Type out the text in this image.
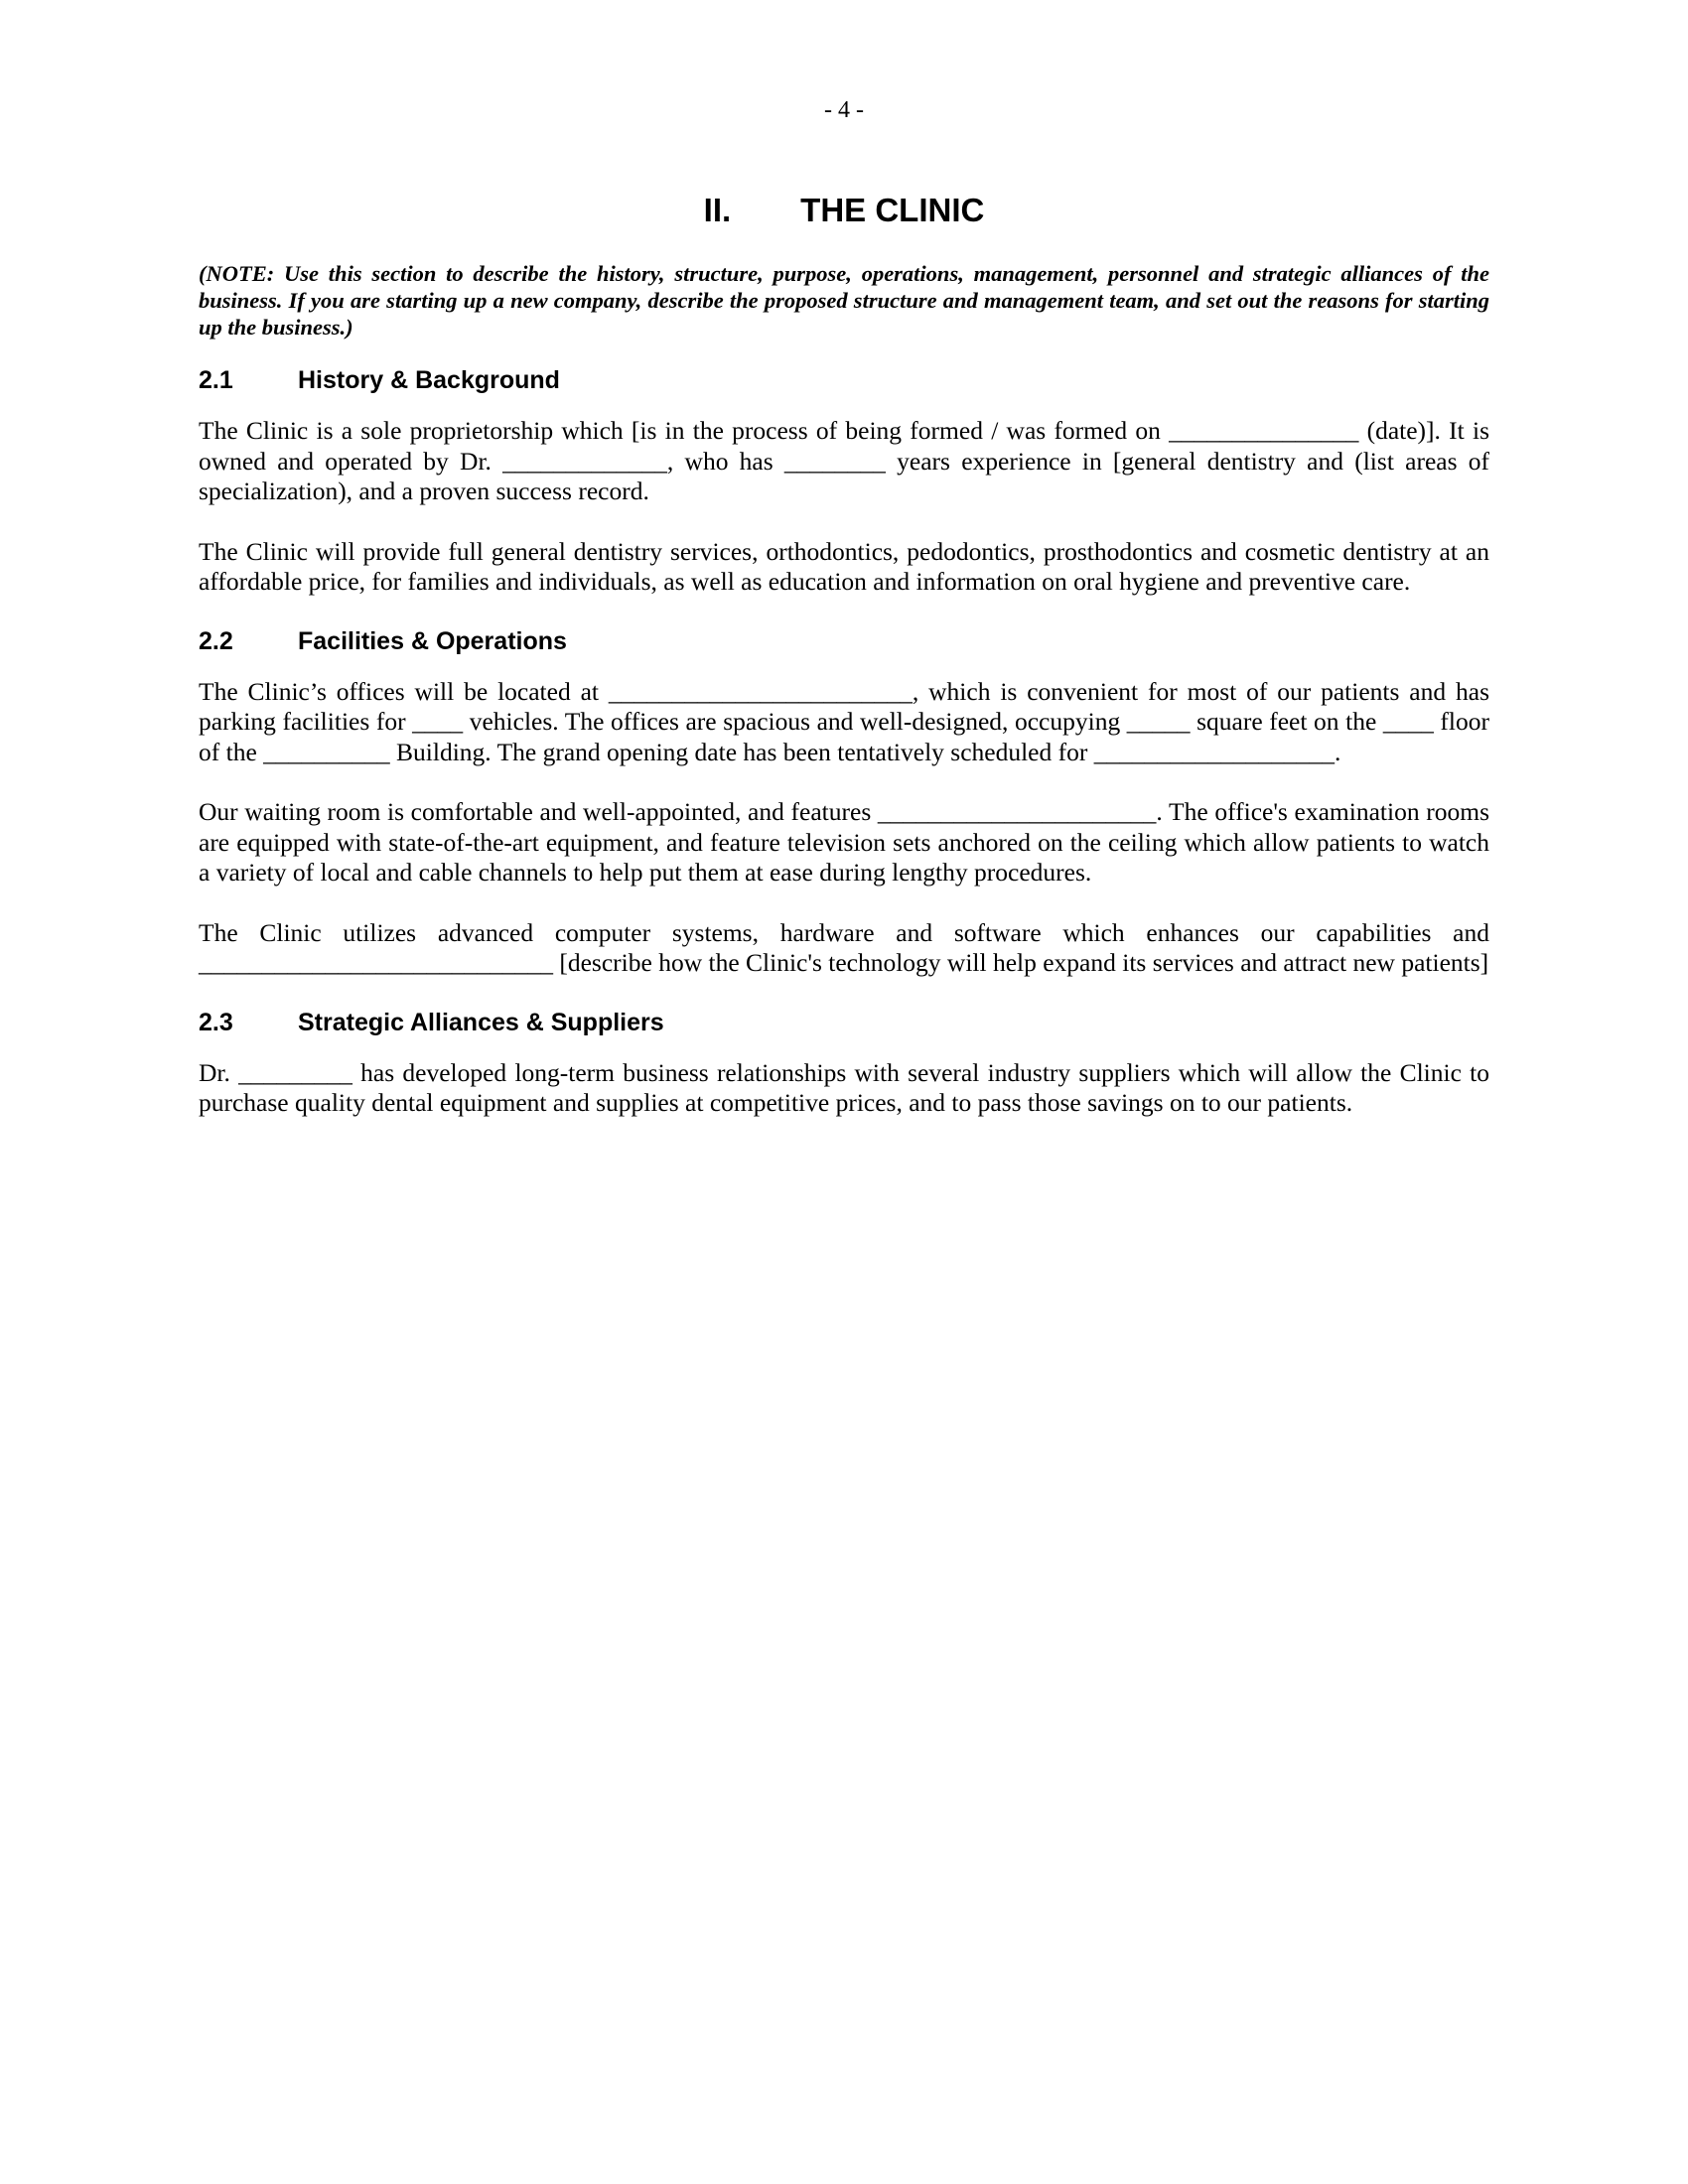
- 4 -
II. THE CLINIC
(NOTE: Use this section to describe the history, structure, purpose, operations, management, personnel and strategic alliances of the business. If you are starting up a new company, describe the proposed structure and management team, and set out the reasons for starting up the business.)
2.1	History & Background

The Clinic is a sole proprietorship which [is in the process of being formed / was formed on _______________ (date)]. It is owned and operated by Dr. _____________, who has ________ years experience in [general dentistry and (list areas of specialization), and a proven success record.

The Clinic will provide full general dentistry services, orthodontics, pedodontics, prosthodontics and cosmetic dentistry at an affordable price, for families and individuals, as well as education and information on oral hygiene and preventive care.

2.2	Facilities & Operations

The Clinic’s offices will be located at ________________________, which is convenient for most of our patients and has parking facilities for ____ vehicles. The offices are spacious and well-designed, occupying _____ square feet on the ____ floor of the __________ Building. The grand opening date has been tentatively scheduled for ___________________.

Our waiting room is comfortable and well-appointed, and features ______________________. The office's examination rooms are equipped with state-of-the-art equipment, and feature television sets anchored on the ceiling which allow patients to watch a variety of local and cable channels to help put them at ease during lengthy procedures.

The Clinic utilizes advanced computer systems, hardware and software which enhances our capabilities and ____________________________ [describe how the Clinic's technology will help expand its services and attract new patients]

2.3	Strategic Alliances & Suppliers

Dr. _________ has developed long-term business relationships with several industry suppliers which will allow the Clinic to purchase quality dental equipment and supplies at competitive prices, and to pass those savings on to our patients.
